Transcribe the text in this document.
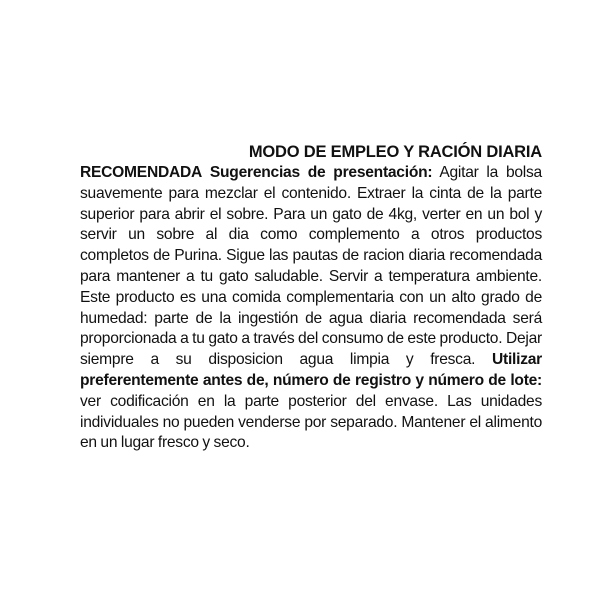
MODO DE EMPLEO Y RACIÓN DIARIA

RECOMENDADA Sugerencias de presentación: Agitar la bolsa suavemente para mezclar el contenido. Extraer la cinta de la parte superior para abrir el sobre. Para un gato de 4kg, verter en un bol y servir un sobre al dia como complemento a otros productos completos de Purina. Sigue las pautas de racion diaria recomendada para mantener a tu gato saludable. Servir a temperatura ambiente. Este producto es una comida complementaria con un alto grado de humedad: parte de la ingestión de agua diaria recomendada será proporcionada a tu gato a través del consumo de este producto. Dejar siempre a su disposicion agua limpia y fresca. Utilizar preferentemente antes de, número de registro y número de lote: ver codificación en la parte posterior del envase. Las unidades individuales no pueden venderse por separado. Mantener el alimento en un lugar fresco y seco.
